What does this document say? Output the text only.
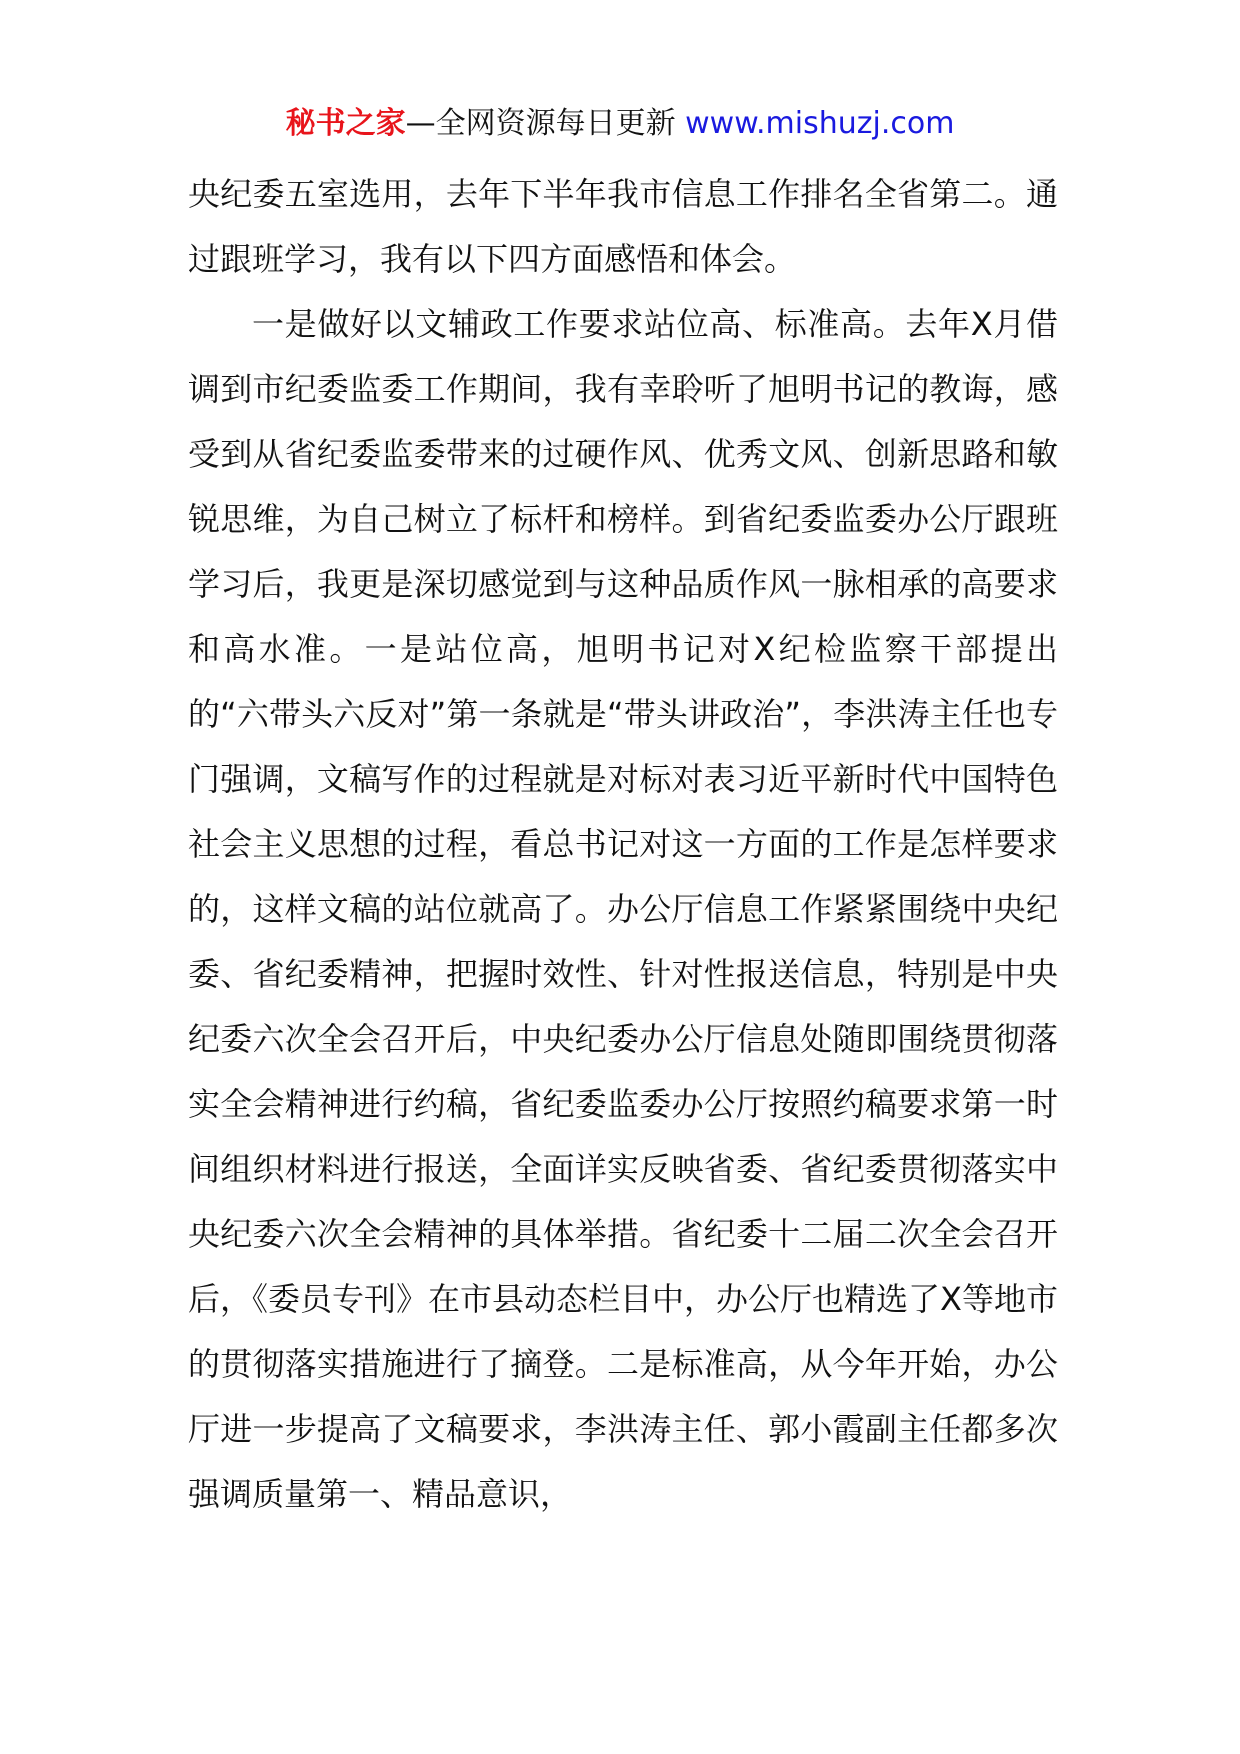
秘书之家—全网资源每日更新 www.mishuzj.com

央纪委五室选用，去年下半年我市信息工作排名全省第二。通过跟班学习，我有以下四方面感悟和体会。

一是做好以文辅政工作要求站位高、标准高。去年X月借调到市纪委监委工作期间，我有幸聆听了旭明书记的教诲，感受到从省纪委监委带来的过硬作风、优秀文风、创新思路和敏锐思维，为自己树立了标杆和榜样。到省纪委监委办公厅跟班学习后，我更是深切感觉到与这种品质作风一脉相承的高要求和高水准。一是站位高，旭明书记对X纪检监察干部提出的“六带头六反对”第一条就是“带头讲政治”，李洪涛主任也专门强调，文稿写作的过程就是对标对表习近平新时代中国特色社会主义思想的过程，看总书记对这一方面的工作是怎样要求的，这样文稿的站位就高了。办公厅信息工作紧紧围绕中央纪委、省纪委精神，把握时效性、针对性报送信息，特别是中央纪委六次全会召开后，中央纪委办公厅信息处随即围绕贯彻落实全会精神进行约稿，省纪委监委办公厅按照约稿要求第一时间组织材料进行报送，全面详实反映省委、省纪委贯彻落实中央纪委六次全会精神的具体举措。省纪委十二届二次全会召开后，《委员专刊》在市县动态栏目中，办公厅也精选了X等地市的贯彻落实措施进行了摘登。二是标准高，从今年开始，办公厅进一步提高了文稿要求，李洪涛主任、郭小霞副主任都多次强调质量第一、精品意识，
